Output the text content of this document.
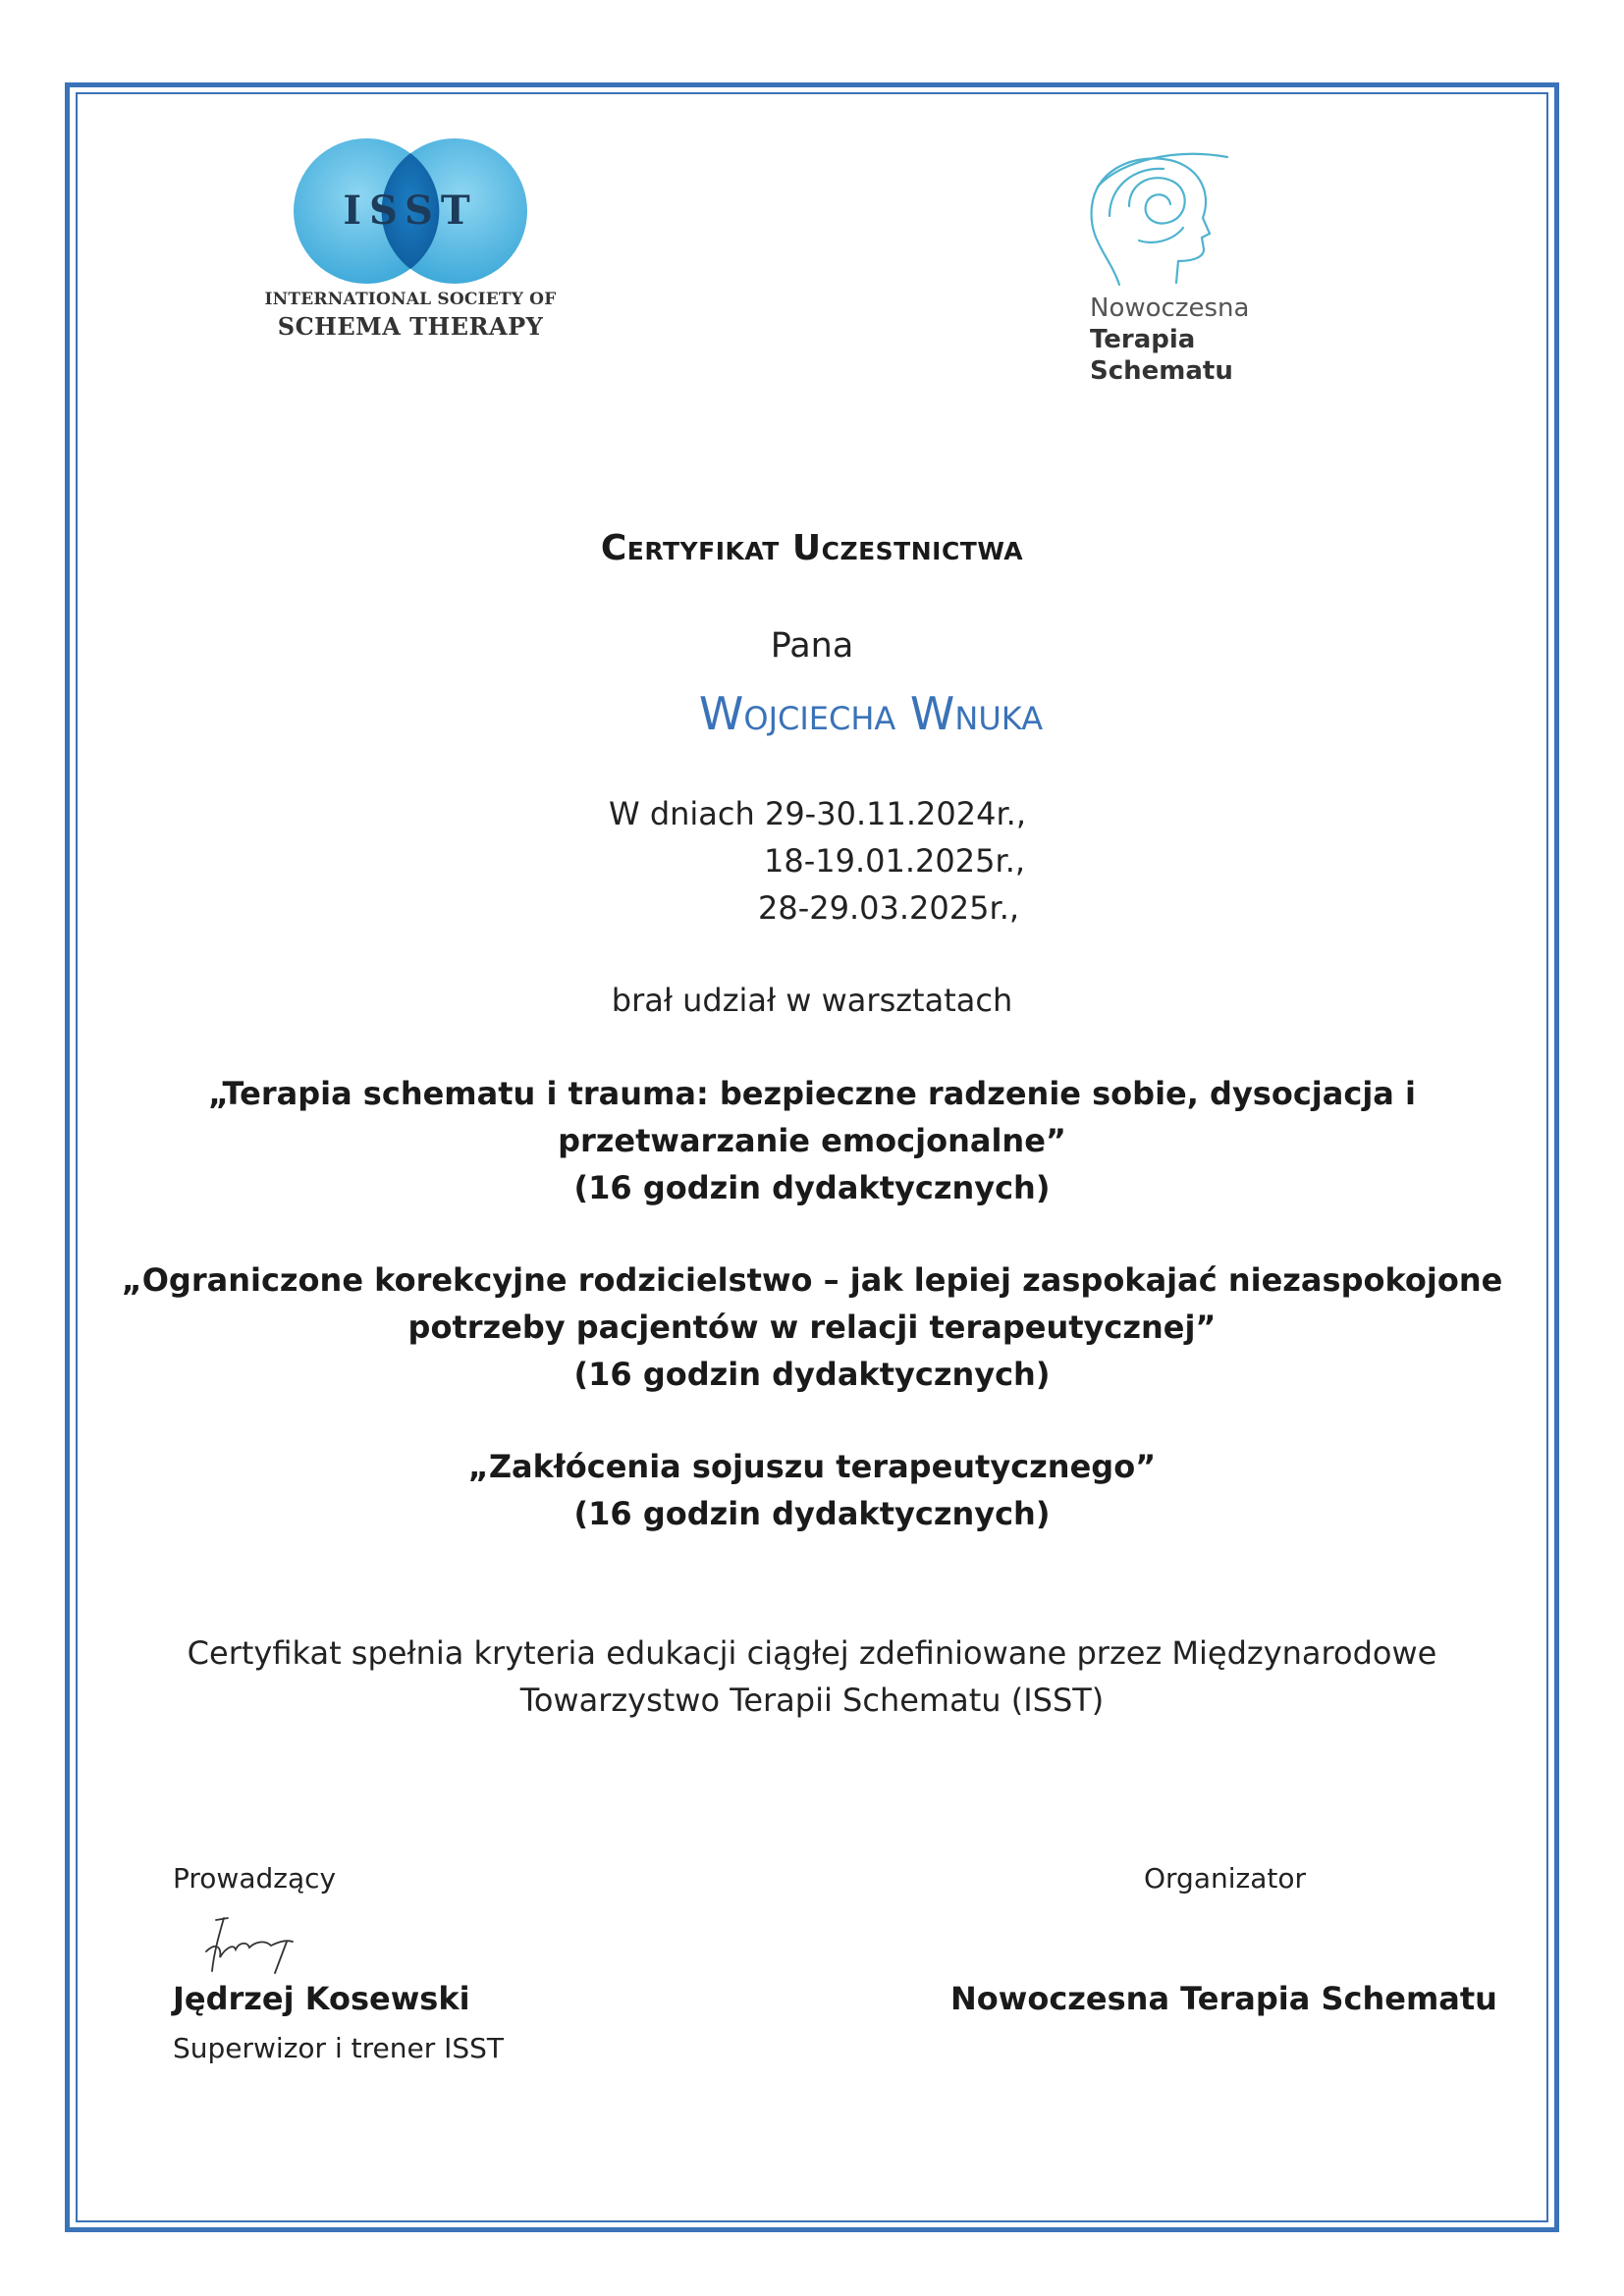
ISST
INTERNATIONAL SOCIETY OF
SCHEMA THERAPY
Nowoczesna
Terapia
Schematu
Certyfikat Uczestnictwa
Pana
Wojciecha Wnuka
W dniach 29-30.11.2024r.,
18-19.01.2025r.,
28-29.03.2025r.,
brał udział w warsztatach
„Terapia schematu i trauma: bezpieczne radzenie sobie, dysocjacja i
przetwarzanie emocjonalne”
(16 godzin dydaktycznych)
„Ograniczone korekcyjne rodzicielstwo – jak lepiej zaspokajać niezaspokojone
potrzeby pacjentów w relacji terapeutycznej”
(16 godzin dydaktycznych)
„Zakłócenia sojuszu terapeutycznego”
(16 godzin dydaktycznych)
Certyfikat spełnia kryteria edukacji ciągłej zdefiniowane przez Międzynarodowe
Towarzystwo Terapii Schematu (ISST)
Prowadzący	Organizator
Jędrzej Kosewski
Superwizor i trener ISST
Nowoczesna Terapia Schematu
